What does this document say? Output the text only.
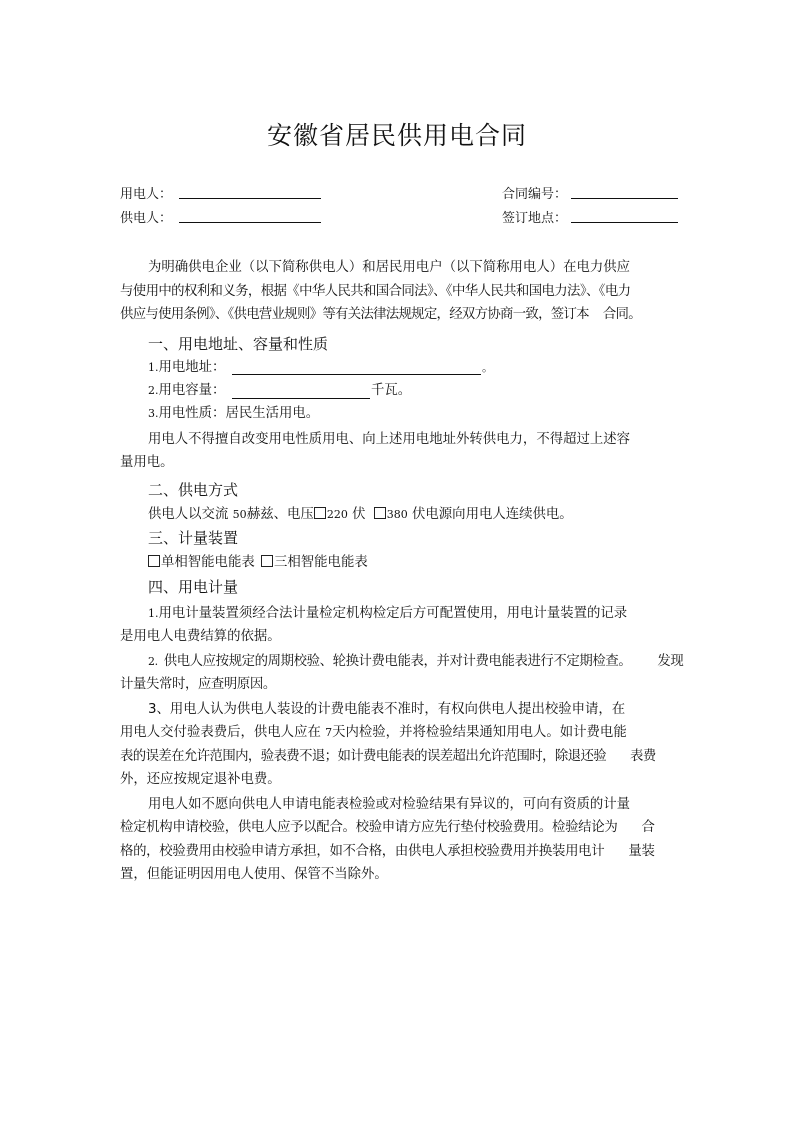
安徽省居民供用电合同
用电人：
供电人：
合同编号：
签订地点：
为明确供电企业（以下简称供电人）和居民用电户（以下简称用电人）在电力供应
与使用中的权利和义务，根据《中华人民共和国合同法》、《中华人民共和国电力法》、《电力
供应与使用条例》、《供电营业规则》等有关法律法规规定，经双方协商一致，签订本 合同。
一、用电地址、容量和性质
1.用电地址：	。
2.用电容量：	千瓦。
3.用电性质：居民生活用电。
用电人不得擅自改变用电性质用电、向上述用电地址外转供电力，不得超过上述容
量用电。
二、供电方式
供电人以交流 50 赫兹、电压 220 伏 380 伏电源向用电人连续供电。
三、计量装置
单相智能电能表 三相智能电能表
四、用电计量
1.用电计量装置须经合法计量检定机构检定后方可配置使用，用电计量装置的记录
是用电人电费结算的依据。
2. 供电人应按规定的周期校验、轮换计费电能表，并对计费电能表进行不定期检查。 发现
计量失常时，应查明原因。
3、用电人认为供电人装设的计费电能表不准时，有权向供电人提出校验申请，在
用电人交付验表费后，供电人应在 7天内检验，并将检验结果通知用电人。如计费电能
表的误差在允许范围内，验表费不退；如计费电能表的误差超出允许范围时，除退还验 表费
外，还应按规定退补电费。
用电人如不愿向供电人申请电能表检验或对检验结果有异议的，可向有资质的计量
检定机构申请校验，供电人应予以配合。校验申请方应先行垫付校验费用。检验结论为 合
格的，校验费用由校验申请方承担，如不合格，由供电人承担校验费用并换装用电计 量装
置，但能证明因用电人使用、保管不当除外。
